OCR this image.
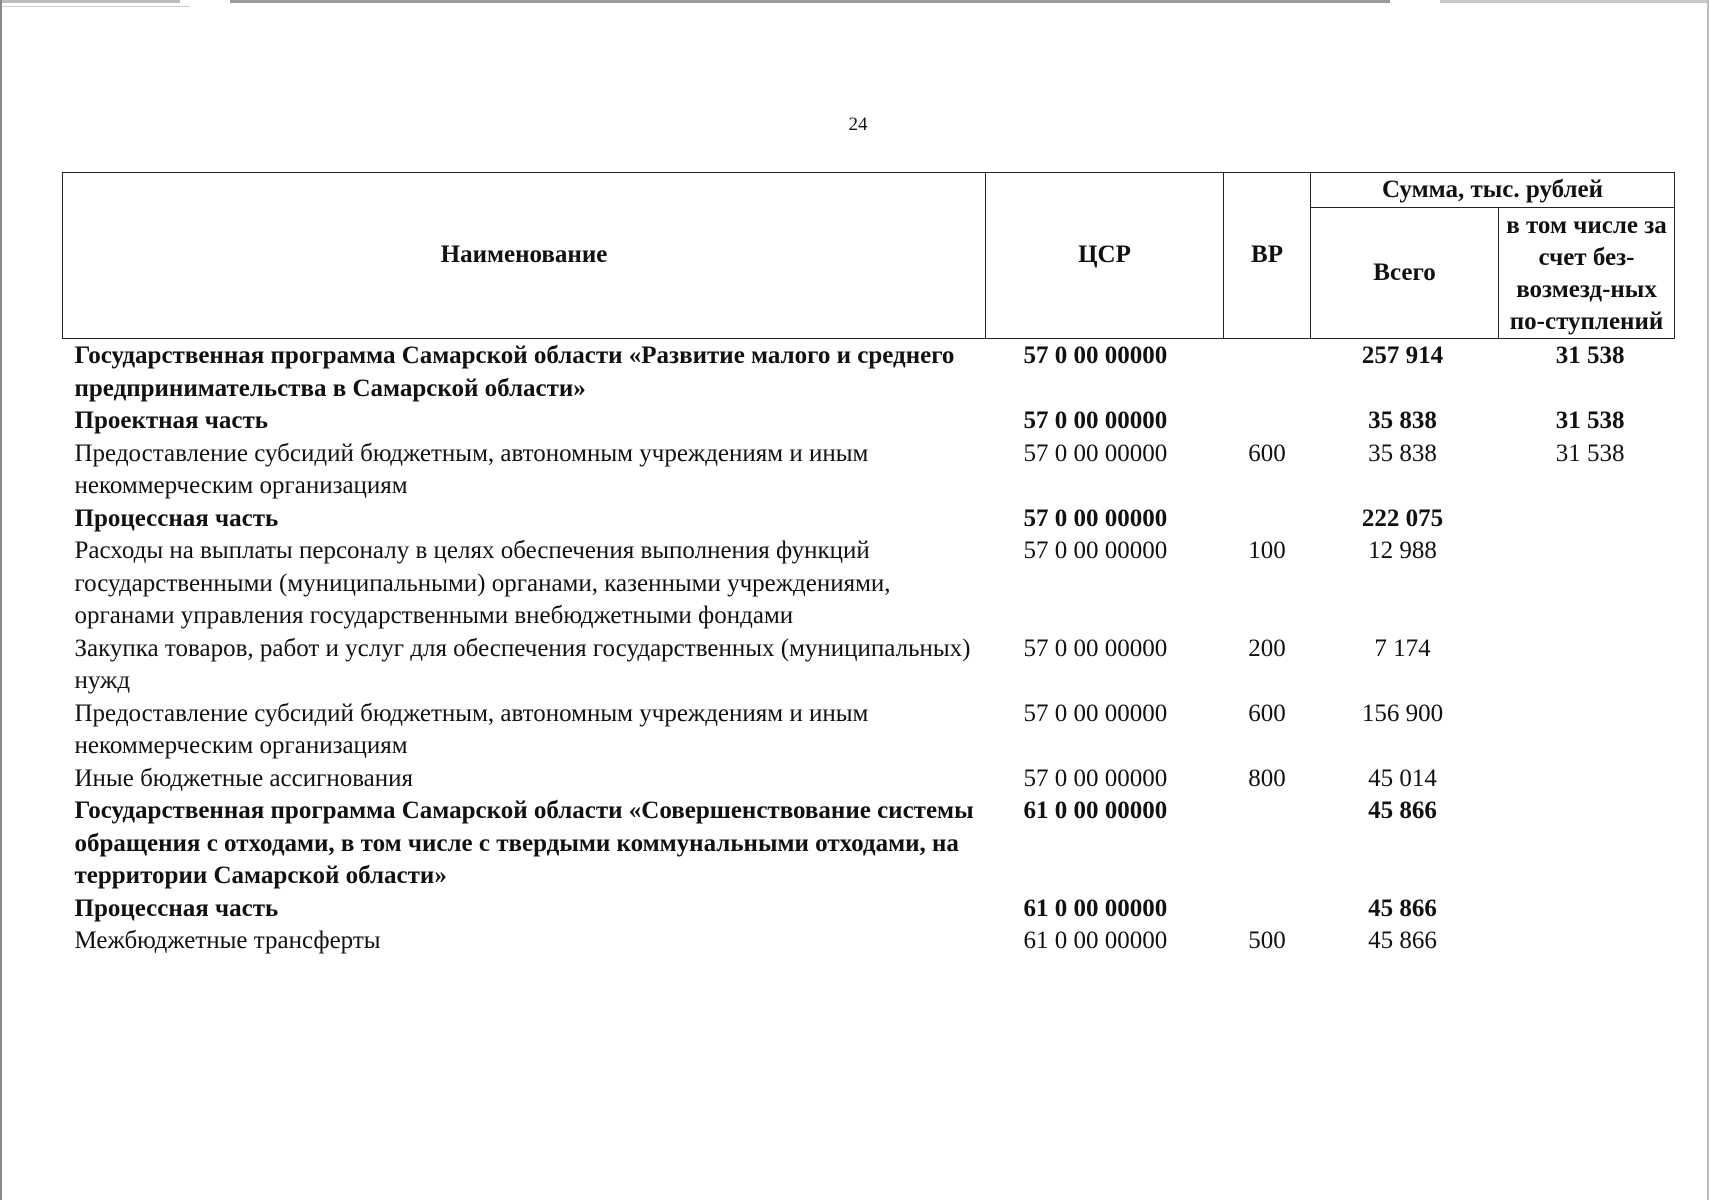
24
Наименование	ЦСР	ВР	Сумма, тыс. рублей	
			Всего	в том числе за счет без-возмезд-ных по-ступлений
Государственная программа Самарской области «Развитие малого и среднего предпринимательства в Самарской области»	57 0 00 00000		257 914	31 538
Проектная часть	57 0 00 00000		35 838	31 538
Предоставление субсидий бюджетным, автономным учреждениям и иным некоммерческим организациям	57 0 00 00000	600	35 838	31 538
Процессная часть	57 0 00 00000		222 075	
Расходы на выплаты персоналу в целях обеспечения выполнения функций государственными (муниципальными) органами, казенными учреждениями, органами управления государственными внебюджетными фондами	57 0 00 00000	100	12 988	
Закупка товаров, работ и услуг для обеспечения государственных (муниципальных) нужд	57 0 00 00000	200	7 174	
Предоставление субсидий бюджетным, автономным учреждениям и иным некоммерческим организациям	57 0 00 00000	600	156 900	
Иные бюджетные ассигнования	57 0 00 00000	800	45 014	
Государственная программа Самарской области «Совершенствование системы обращения с отходами, в том числе с твердыми коммунальными отходами, на территории Самарской области»	61 0 00 00000		45 866	
Процессная часть	61 0 00 00000		45 866	
Межбюджетные трансферты	61 0 00 00000	500	45 866	
